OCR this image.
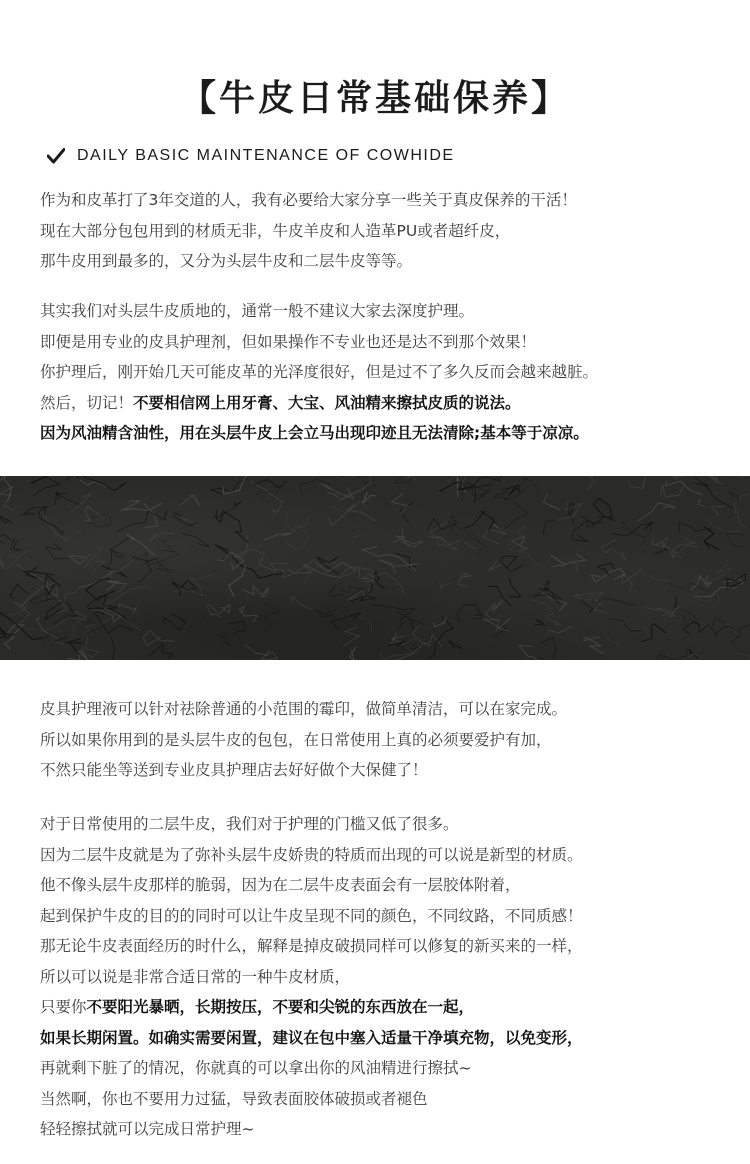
【牛皮日常基础保养】
DAILY BASIC MAINTENANCE OF COWHIDE
作为和皮革打了3年交道的人，我有必要给大家分享一些关于真皮保养的干活！
现在大部分包包用到的材质无非，牛皮羊皮和人造革PU或者超纤皮，
那牛皮用到最多的，又分为头层牛皮和二层牛皮等等。
其实我们对头层牛皮质地的，通常一般不建议大家去深度护理。
即便是用专业的皮具护理剂，但如果操作不专业也还是达不到那个效果！
你护理后，刚开始几天可能皮革的光泽度很好，但是过不了多久反而会越来越脏。
然后，切记！不要相信网上用牙膏、大宝、风油精来擦拭皮质的说法。
因为风油精含油性，用在头层牛皮上会立马出现印迹且无法清除;基本等于凉凉。
皮具护理液可以针对祛除普通的小范围的霉印，做简单清洁，可以在家完成。
所以如果你用到的是头层牛皮的包包，在日常使用上真的必须要爱护有加，
不然只能坐等送到专业皮具护理店去好好做个大保健了！
对于日常使用的二层牛皮，我们对于护理的门槛又低了很多。
因为二层牛皮就是为了弥补头层牛皮娇贵的特质而出现的可以说是新型的材质。
他不像头层牛皮那样的脆弱，因为在二层牛皮表面会有一层胶体附着，
起到保护牛皮的目的的同时可以让牛皮呈现不同的颜色，不同纹路，不同质感！
那无论牛皮表面经历的时什么，解释是掉皮破损同样可以修复的新买来的一样，
所以可以说是非常合适日常的一种牛皮材质，
只要你不要阳光暴晒，长期按压，不要和尖锐的东西放在一起，
如果长期闲置。如确实需要闲置，建议在包中塞入适量干净填充物，以免变形，
再就剩下脏了的情况，你就真的可以拿出你的风油精进行擦拭~
当然啊，你也不要用力过猛，导致表面胶体破损或者褪色
轻轻擦拭就可以完成日常护理~
